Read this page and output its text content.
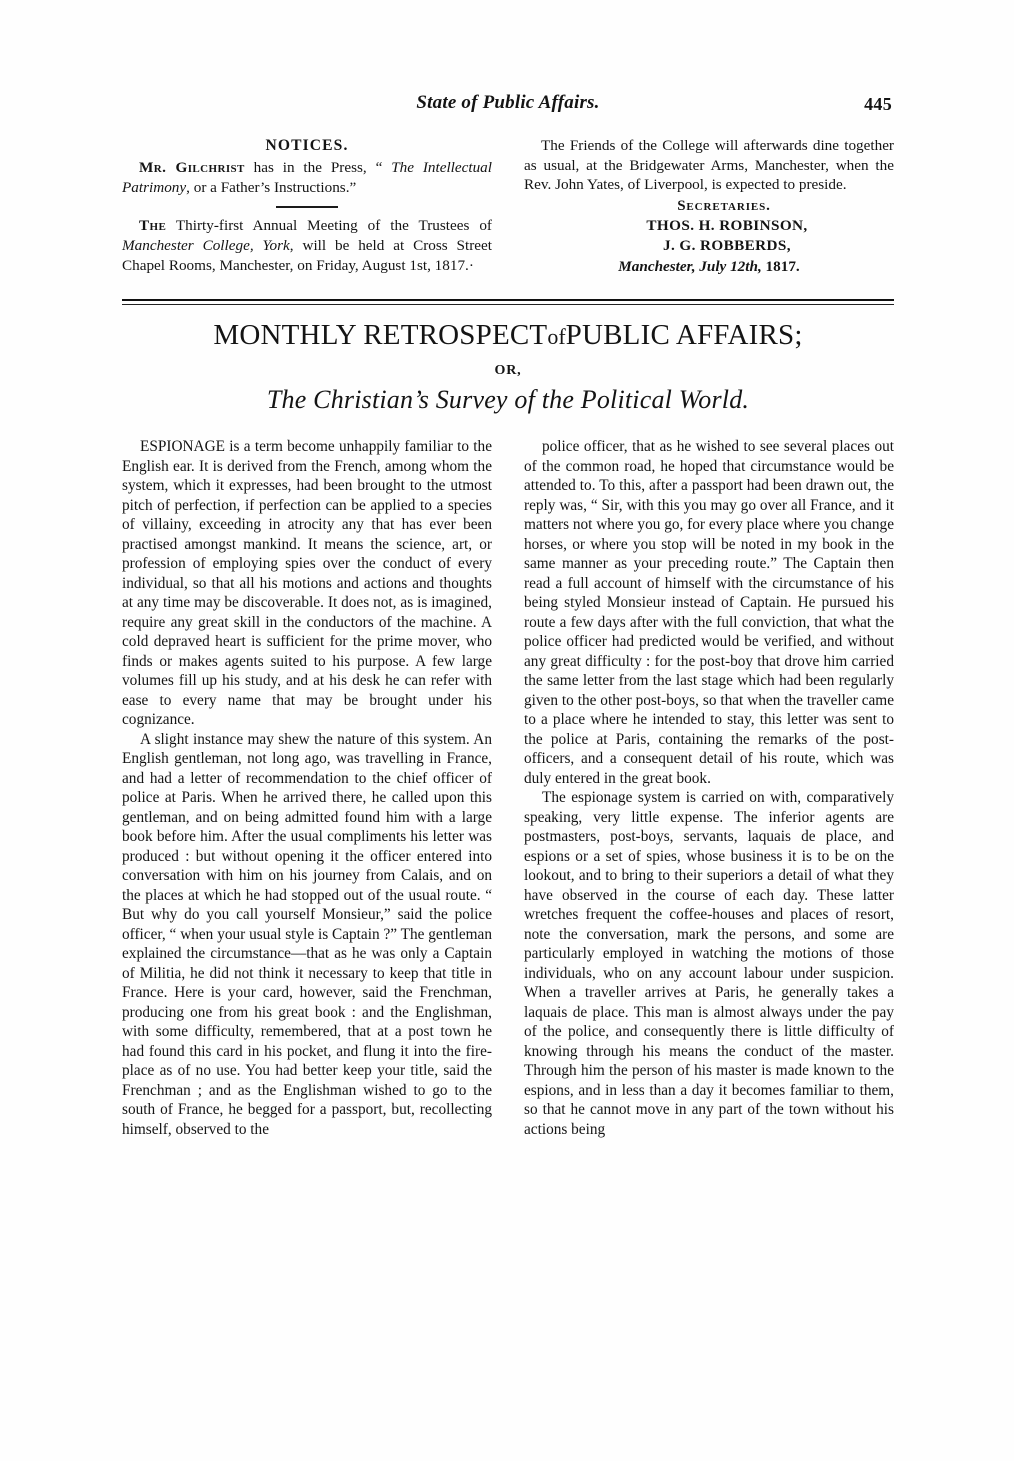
State of Public Affairs.	445
NOTICES.

Mr. Gilchrist has in the Press, “ The Intellectual Patrimony, or a Father’s Instructions.”

The Thirty-first Annual Meeting of the Trustees of Manchester College, York, will be held at Cross Street Chapel Rooms, Manchester, on Friday, August 1st, 1817.·

The Friends of the College will afterwards dine together as usual, at the Bridgewater Arms, Manchester, when the Rev. John Yates, of Liverpool, is expected to preside.

Secretaries.
THOS. H. ROBINSON,
J. G. ROBBERDS,
Manchester, July 12th, 1817.
MONTHLY RETROSPECTofPUBLIC AFFAIRS;
OR,
The Christian’s Survey of the Political World.

ESPIONAGE is a term become unhappily familiar to the English ear. It is derived from the French, among whom the system, which it expresses, had been brought to the utmost pitch of perfection, if perfection can be applied to a species of villainy, exceeding in atrocity any that has ever been practised amongst mankind. It means the science, art, or profession of employing spies over the conduct of every individual, so that all his motions and actions and thoughts at any time may be discoverable. It does not, as is imagined, require any great skill in the conductors of the machine. A cold depraved heart is sufficient for the prime mover, who finds or makes agents suited to his purpose. A few large volumes fill up his study, and at his desk he can refer with ease to every name that may be brought under his cognizance.

A slight instance may shew the nature of this system. An English gentleman, not long ago, was travelling in France, and had a letter of recommendation to the chief officer of police at Paris. When he arrived there, he called upon this gentleman, and on being admitted found him with a large book before him. After the usual compliments his letter was produced : but without opening it the officer entered into conversation with him on his journey from Calais, and on the places at which he had stopped out of the usual route. “ But why do you call yourself Monsieur,” said the police officer, “ when your usual style is Captain ?” The gentleman explained the circumstance—that as he was only a Captain of Militia, he did not think it necessary to keep that title in France. Here is your card, however, said the Frenchman, producing one from his great book : and the Englishman, with some difficulty, remembered, that at a post town he had found this card in his pocket, and flung it into the fire-place as of no use. You had better keep your title, said the Frenchman ; and as the Englishman wished to go to the south of France, he begged for a passport, but, recollecting himself, observed to the

police officer, that as he wished to see several places out of the common road, he hoped that circumstance would be attended to. To this, after a passport had been drawn out, the reply was, “ Sir, with this you may go over all France, and it matters not where you go, for every place where you change horses, or where you stop will be noted in my book in the same manner as your preceding route.” The Captain then read a full account of himself with the circumstance of his being styled Monsieur instead of Captain. He pursued his route a few days after with the full conviction, that what the police officer had predicted would be verified, and without any great difficulty : for the post-boy that drove him carried the same letter from the last stage which had been regularly given to the other post-boys, so that when the traveller came to a place where he intended to stay, this letter was sent to the police at Paris, containing the remarks of the post-officers, and a consequent detail of his route, which was duly entered in the great book.

The espionage system is carried on with, comparatively speaking, very little expense. The inferior agents are postmasters, post-boys, servants, laquais de place, and espions or a set of spies, whose business it is to be on the lookout, and to bring to their superiors a detail of what they have observed in the course of each day. These latter wretches frequent the coffee-houses and places of resort, note the conversation, mark the persons, and some are particularly employed in watching the motions of those individuals, who on any account labour under suspicion. When a traveller arrives at Paris, he generally takes a laquais de place. This man is almost always under the pay of the police, and consequently there is little difficulty of knowing through his means the conduct of the master. Through him the person of his master is made known to the espions, and in less than a day it becomes familiar to them, so that he cannot move in any part of the town without his actions being
